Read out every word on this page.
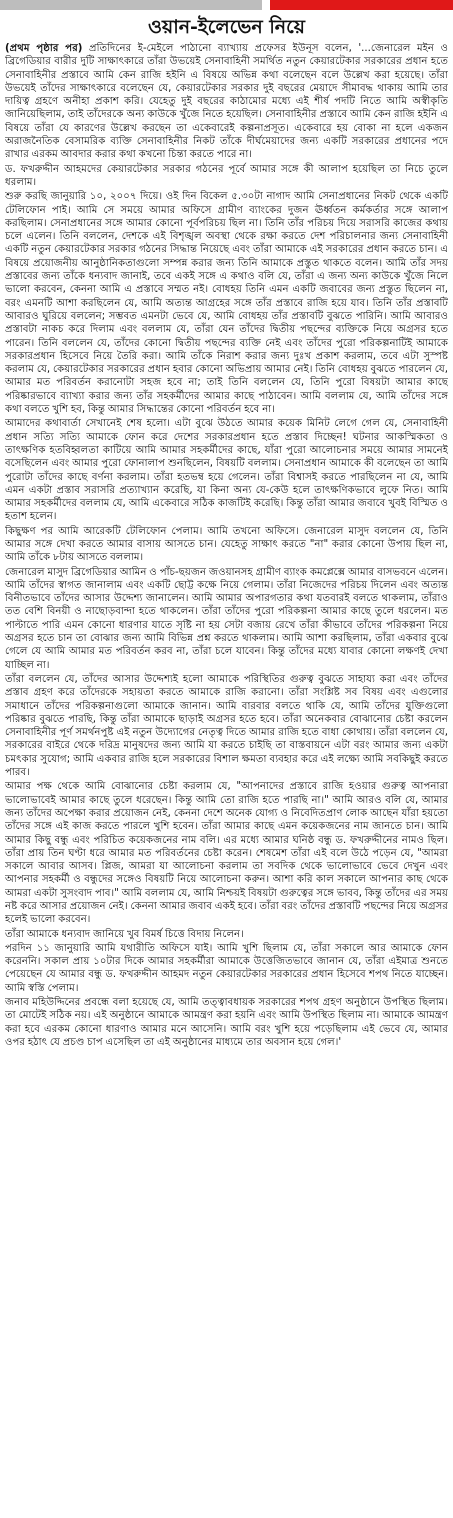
ওয়ান-ইলেভেন নিয়ে

(প্রথম পৃষ্ঠার পর) প্রতিদিনের ই-মেইলে পাঠানো ব্যাখ্যায় প্রফেসর ইউনূস বলেন, '...জেনারেল মইন ও ব্রিগেডিয়ার বারীর দুটি সাক্ষাৎকারে তাঁরা উভয়েই সেনাবাহিনী সমর্থিত নতুন কেয়ারটেকার সরকারের প্রধান হতে সেনাবাহিনীর প্রস্তাবে আমি কেন রাজি হইনি এ বিষয়ে অভিন্ন কথা বলেছেন বলে উল্লেখ করা হয়েছে। তাঁরা উভয়েই তাঁদের সাক্ষাৎকারে বলেছেন যে, কেয়ারটেকার সরকার দুই বছরের মেয়াদে সীমাবদ্ধ থাকায় আমি তার দায়িত্ব গ্রহণে অনীহা প্রকাশ করি। যেহেতু দুই বছরের কাঠামোর মধ্যে এই শীর্ষ পদটি নিতে আমি অস্বীকৃতি জানিয়েছিলাম, তাই তাঁদেরকে অন্য কাউকে খুঁজে নিতে হয়েছিল। সেনাবাহিনীর প্রস্তাবে আমি কেন রাজি হইনি এ বিষয়ে তাঁরা যে কারণের উল্লেখ করছেন তা একেবারেই কল্পনাপ্রসূত। একেবারে হয় বোকা না হলে একজন অরাজনৈতিক বেসামরিক ব্যক্তি সেনাবাহিনীর নিকট তাঁকে দীর্ঘমেয়াদের জন্য একটি সরকারের প্রধানের পদে রাখার এরকম আবদার করার কথা কখনো চিন্তা করতে পারে না।

ড. ফখরুদ্দীন আহমদের কেয়ারটেকার সরকার গঠনের পূর্বে আমার সঙ্গে কী আলাপ হয়েছিল তা নিচে তুলে ধরলাম।

শুরু করছি জানুয়ারি ১০, ২০০৭ দিয়ে। ওই দিন বিকেল ৫.৩০টা নাগাদ আমি সেনাপ্রধানের নিকট থেকে একটি টেলিফোন পাই। আমি সে সময়ে আমার অফিসে গ্রামীণ ব্যাংকের দুজন ঊর্ধ্বতন কর্মকর্তার সঙ্গে আলাপ করছিলাম। সেনাপ্রধানের সঙ্গে আমার কোনো পূর্বপরিচয় ছিল না। তিনি তাঁর পরিচয় দিয়ে সরাসরি কাজের কথায় চলে এলেন। তিনি বললেন, দেশকে এই বিশৃঙ্খল অবস্থা থেকে রক্ষা করতে দেশ পরিচালনার জন্য সেনাবাহিনী একটি নতুন কেয়ারটেকার সরকার গঠনের সিদ্ধান্ত নিয়েছে এবং তাঁরা আমাকে এই সরকারের প্রধান করতে চান। এ বিষয়ে প্রয়োজনীয় আনুষ্ঠানিকতাগুলো সম্পন্ন করার জন্য তিনি আমাকে প্রস্তুত থাকতে বলেন। আমি তাঁর সদয় প্রস্তাবের জন্য তাঁকে ধন্যবাদ জানাই, তবে একই সঙ্গে এ কথাও বলি যে, তাঁরা এ জন্য অন্য কাউকে খুঁজে নিলে ভালো করবেন, কেননা আমি এ প্রস্তাবে সম্মত নই। বোধহয় তিনি এমন একটি জবাবের জন্য প্রস্তুত ছিলেন না, বরং এমনটি আশা করছিলেন যে, আমি অত্যন্ত আগ্রহের সঙ্গে তাঁর প্রস্তাবে রাজি হয়ে যাব। তিনি তাঁর প্রস্তাবটি আবারও ঘুরিয়ে বললেন; সম্ভবত এমনটা ভেবে যে, আমি বোধহয় তাঁর প্রস্তাবটি বুঝতে পারিনি। আমি আবারও প্রস্তাবটা নাকচ করে দিলাম এবং বললাম যে, তাঁরা যেন তাঁদের দ্বিতীয় পছন্দের ব্যক্তিকে নিয়ে অগ্রসর হতে পারেন। তিনি বললেন যে, তাঁদের কোনো দ্বিতীয় পছন্দের ব্যক্তি নেই এবং তাঁদের পুরো পরিকল্পনাটিই আমাকে সরকারপ্রধান হিসেবে নিয়ে তৈরি করা। আমি তাঁকে নিরাশ করার জন্য দুঃখ প্রকাশ করলাম, তবে এটা সুস্পষ্ট করলাম যে, কেয়ারটেকার সরকারের প্রধান হবার কোনো অভিপ্রায় আমার নেই। তিনি বোধহয় বুঝতে পারলেন যে, আমার মত পরিবর্তন করানোটা সহজ হবে না; তাই তিনি বললেন যে, তিনি পুরো বিষয়টা আমার কাছে পরিষ্কারভাবে ব্যাখ্যা করার জন্য তাঁর সহকর্মীদের আমার কাছে পাঠাবেন। আমি বললাম যে, আমি তাঁদের সঙ্গে কথা বলতে খুশি হব, কিন্তু আমার সিদ্ধান্তের কোনো পরিবর্তন হবে না।

আমাদের কথাবার্তা সেখানেই শেষ হলো। এটা বুঝে উঠতে আমার কয়েক মিনিট লেগে গেল যে, সেনাবাহিনী প্রধান সত্যি সত্যি আমাকে ফোন করে দেশের সরকারপ্রধান হতে প্রস্তাব দিচ্ছেন! ঘটনার আকস্মিকতা ও তাৎক্ষণিক হতবিহ্বলতা কাটিয়ে আমি আমার সহকর্মীদের কাছে, যাঁরা পুরো আলোচনার সময়ে আমার সামনেই বসেছিলেন এবং আমার পুরো ফোনালাপ শুনছিলেন, বিষয়টি বললাম। সেনাপ্রধান আমাকে কী বলেছেন তা আমি পুরোটা তাঁদের কাছে বর্ণনা করলাম। তাঁরা হতভম্ব হয়ে গেলেন। তাঁরা বিশ্বাসই করতে পারছিলেন না যে, আমি এমন একটা প্রস্তাব সরাসরি প্রত্যাখ্যান করেছি, যা কিনা অন্য যে-কেউ হলে তাৎক্ষণিকভাবে লুফে নিত। আমি আমার সহকর্মীদের বললাম যে, আমি একেবারে সঠিক কাজটিই করেছি। কিন্তু তাঁরা আমার জবাবে খুবই বিস্মিত ও হতাশ হলেন।

কিছুক্ষণ পর আমি আরেকটি টেলিফোন পেলাম। আমি তখনো অফিসে। জেনারেল মাসুদ বললেন যে, তিনি আমার সঙ্গে দেখা করতে আমার বাসায় আসতে চান। যেহেতু সাক্ষাৎ করতে "না" করার কোনো উপায় ছিল না, আমি তাঁকে ৮টায় আসতে বললাম।

জেনারেল মাসুদ ব্রিগেডিয়ার আমিন ও পাঁচ-ছয়জন জওয়ানসহ গ্রামীণ ব্যাংক কমপ্লেক্সে আমার বাসভবনে এলেন। আমি তাঁদের স্বাগত জানালাম এবং একটি ছোট্ট কক্ষে নিয়ে গেলাম। তাঁরা নিজেদের পরিচয় দিলেন এবং অত্যন্ত বিনীতভাবে তাঁদের আসার উদ্দেশ্য জানালেন। আমি আমার অপারগতার কথা যতবারই বলতে থাকলাম, তাঁরাও তত বেশি বিনয়ী ও নাছোড়বান্দা হতে থাকলেন। তাঁরা তাঁদের পুরো পরিকল্পনা আমার কাছে তুলে ধরলেন। মত পাল্টাতে পারি এমন কোনো ধারণার যাতে সৃষ্টি না হয় সেটা বজায় রেখে তাঁরা কীভাবে তাঁদের পরিকল্পনা নিয়ে অগ্রসর হতে চান তা বোঝার জন্য আমি বিভিন্ন প্রশ্ন করতে থাকলাম। আমি আশা করছিলাম, তাঁরা একবার বুঝে গেলে যে আমি আমার মত পরিবর্তন করব না, তাঁরা চলে যাবেন। কিন্তু তাঁদের মধ্যে যাবার কোনো লক্ষণই দেখা যাচ্ছিল না।

তাঁরা বললেন যে, তাঁদের আসার উদ্দেশ্যই হলো আমাকে পরিস্থিতির গুরুত্ব বুঝতে সাহায্য করা এবং তাঁদের প্রস্তাব গ্রহণ করে তাঁদেরকে সহায়তা করতে আমাকে রাজি করানো। তাঁরা সংশ্লিষ্ট সব বিষয় এবং এগুলোর সমাধানে তাঁদের পরিকল্পনাগুলো আমাকে জানান। আমি বারবার বলতে থাকি যে, আমি তাঁদের যুক্তিগুলো পরিষ্কার বুঝতে পারছি, কিন্তু তাঁরা আমাকে ছাড়াই অগ্রসর হতে হবে। তাঁরা অনেকবার বোঝানোর চেষ্টা করলেন সেনাবাহিনীর পূর্ণ সমর্থনপুষ্ট এই নতুন উদ্যোগের নেতৃত্ব দিতে আমার রাজি হতে বাধা কোথায়। তাঁরা বললেন যে, সরকারের বাইরে থেকে দরিদ্র মানুষদের জন্য আমি যা করতে চাইছি তা বাস্তবায়নে এটা বরং আমার জন্য একটা চমৎকার সুযোগ; আমি একবার রাজি হলে সরকারের বিশাল ক্ষমতা ব্যবহার করে এই লক্ষ্যে আমি সবকিছুই করতে পারব।

আমার পক্ষ থেকে আমি বোঝানোর চেষ্টা করলাম যে, "আপনাদের প্রস্তাবে রাজি হওয়ার গুরুত্ব আপনারা ভালোভাবেই আমার কাছে তুলে ধরেছেন। কিন্তু আমি তো রাজি হতে পারছি না।" আমি আরও বলি যে, আমার জন্য তাঁদের অপেক্ষা করার প্রয়োজন নেই, কেননা দেশে অনেক যোগ্য ও নিবেদিতপ্রাণ লোক আছেন যাঁরা হয়তো তাঁদের সঙ্গে এই কাজ করতে পারলে খুশি হবেন। তাঁরা আমার কাছে এমন কয়েকজনের নাম জানতে চান। আমি আমার কিছু বন্ধু এবং পরিচিত কয়েকজনের নাম বলি। এর মধ্যে আমার ঘনিষ্ঠ বন্ধু ড. ফখরুদ্দীনের নামও ছিল। তাঁরা প্রায় তিন ঘণ্টা ধরে আমার মত পরিবর্তনের চেষ্টা করেন। শেষমেশ তাঁরা এই বলে উঠে পড়েন যে, "আমরা সকালে আবার আসব। প্লিজ, আমরা যা আলোচনা করলাম তা সবদিক থেকে ভালোভাবে ভেবে দেখুন এবং আপনার সহকর্মী ও বন্ধুদের সঙ্গেও বিষয়টি নিয়ে আলোচনা করুন। আশা করি কাল সকালে আপনার কাছ থেকে আমরা একটা সুসংবাদ পাব।" আমি বললাম যে, আমি নিশ্চয়ই বিষয়টা গুরুত্বের সঙ্গে ভাবব, কিন্তু তাঁদের এর সময় নষ্ট করে আসার প্রয়োজন নেই। কেননা আমার জবাব একই হবে। তাঁরা বরং তাঁদের প্রস্তাবটি পছন্দের নিয়ে অগ্রসর হলেই ভালো করবেন।

তাঁরা আমাকে ধন্যবাদ জানিয়ে খুব বিমর্ষ চিত্তে বিদায় নিলেন।

পরদিন ১১ জানুয়ারি আমি যথারীতি অফিসে যাই। আমি খুশি ছিলাম যে, তাঁরা সকালে আর আমাকে ফোন করেননি। সকাল প্রায় ১০টার দিকে আমার সহকর্মীরা আমাকে উত্তেজিতভাবে জানান যে, তাঁরা এইমাত্র শুনতে পেয়েছেন যে আমার বন্ধু ড. ফখরুদ্দীন আহমদ নতুন কেয়ারটেকার সরকারের প্রধান হিসেবে শপথ নিতে যাচ্ছেন। আমি স্বস্তি পেলাম।

জনাব মহিউদ্দিনের প্রবন্ধে বলা হয়েছে যে, আমি তত্ত্বাবধায়ক সরকারের শপথ গ্রহণ অনুষ্ঠানে উপস্থিত ছিলাম। তা মোটেই সঠিক নয়। এই অনুষ্ঠানে আমাকে আমন্ত্রণ করা হয়নি এবং আমি উপস্থিত ছিলাম না। আমাকে আমন্ত্রণ করা হবে এরকম কোনো ধারণাও আমার মনে আসেনি। আমি বরং খুশি হয়ে পড়েছিলাম এই ভেবে যে, আমার ওপর হঠাৎ যে প্রচণ্ড চাপ এসেছিল তা এই অনুষ্ঠানের মাধ্যমে তার অবসান হয়ে গেল।'
